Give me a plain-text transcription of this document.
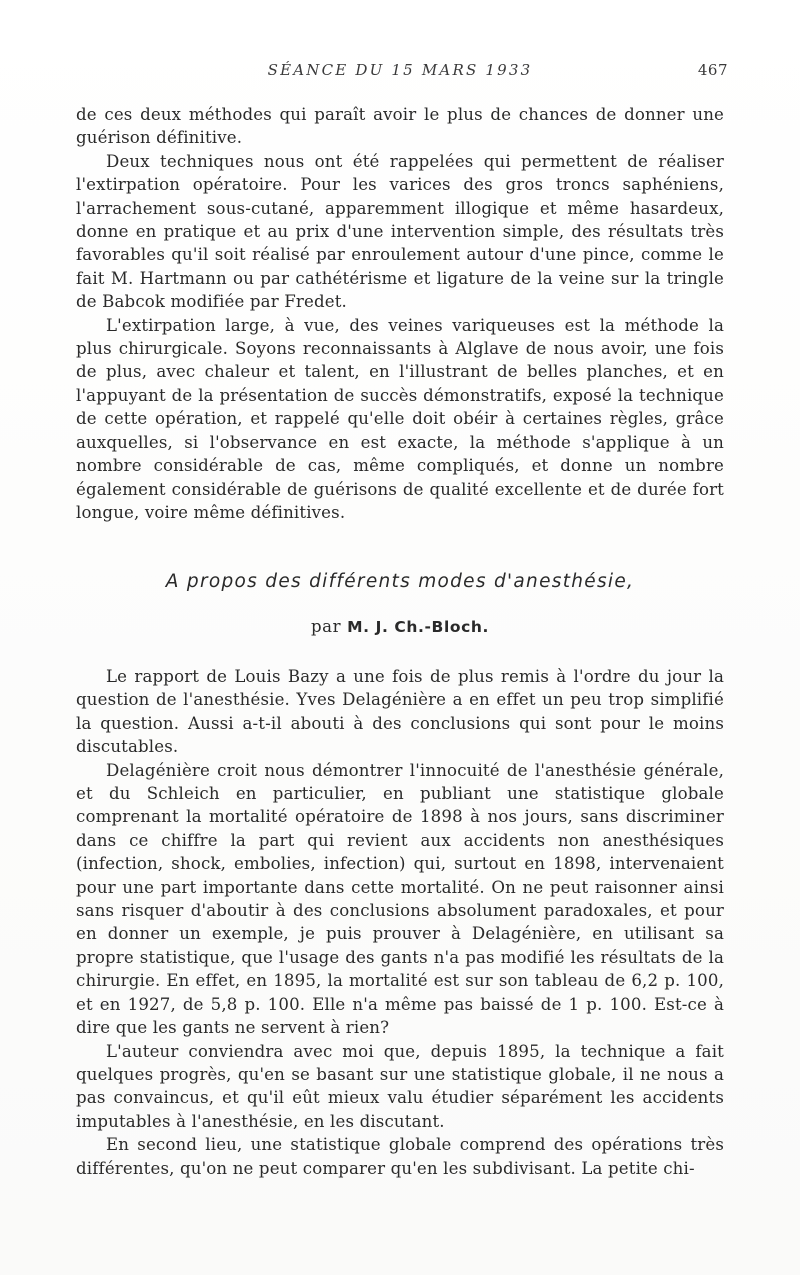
SÉANCE DU 15 MARS 1933	467

de ces deux méthodes qui paraît avoir le plus de chances de donner une guérison définitive.

Deux techniques nous ont été rappelées qui permettent de réaliser l'extirpation opératoire. Pour les varices des gros troncs saphéniens, l'arrachement sous-cutané, apparemment illogique et même hasardeux, donne en pratique et au prix d'une intervention simple, des résultats très favorables qu'il soit réalisé par enroulement autour d'une pince, comme le fait M. Hartmann ou par cathétérisme et ligature de la veine sur la tringle de Babcok modifiée par Fredet.

L'extirpation large, à vue, des veines variqueuses est la méthode la plus chirurgicale. Soyons reconnaissants à Alglave de nous avoir, une fois de plus, avec chaleur et talent, en l'illustrant de belles planches, et en l'appuyant de la présentation de succès démonstratifs, exposé la technique de cette opération, et rappelé qu'elle doit obéir à certaines règles, grâce auxquelles, si l'observance en est exacte, la méthode s'applique à un nombre considérable de cas, même compliqués, et donne un nombre également considérable de guérisons de qualité excellente et de durée fort longue, voire même définitives.

A propos des différents modes d'anesthésie,
par M. J. Ch.-Bloch.

Le rapport de Louis Bazy a une fois de plus remis à l'ordre du jour la question de l'anesthésie. Yves Delagénière a en effet un peu trop simplifié la question. Aussi a-t-il abouti à des conclusions qui sont pour le moins discutables.

Delagénière croit nous démontrer l'innocuité de l'anesthésie générale, et du Schleich en particulier, en publiant une statistique globale comprenant la mortalité opératoire de 1898 à nos jours, sans discriminer dans ce chiffre la part qui revient aux accidents non anesthésiques (infection, shock, embolies, infection) qui, surtout en 1898, intervenaient pour une part importante dans cette mortalité. On ne peut raisonner ainsi sans risquer d'aboutir à des conclusions absolument paradoxales, et pour en donner un exemple, je puis prouver à Delagénière, en utilisant sa propre statistique, que l'usage des gants n'a pas modifié les résultats de la chirurgie. En effet, en 1895, la mortalité est sur son tableau de 6,2 p. 100, et en 1927, de 5,8 p. 100. Elle n'a même pas baissé de 1 p. 100. Est-ce à dire que les gants ne servent à rien?

L'auteur conviendra avec moi que, depuis 1895, la technique a fait quelques progrès, qu'en se basant sur une statistique globale, il ne nous a pas convaincus, et qu'il eût mieux valu étudier séparément les accidents imputables à l'anesthésie, en les discutant.

En second lieu, une statistique globale comprend des opérations très différentes, qu'on ne peut comparer qu'en les subdivisant. La petite chi-
